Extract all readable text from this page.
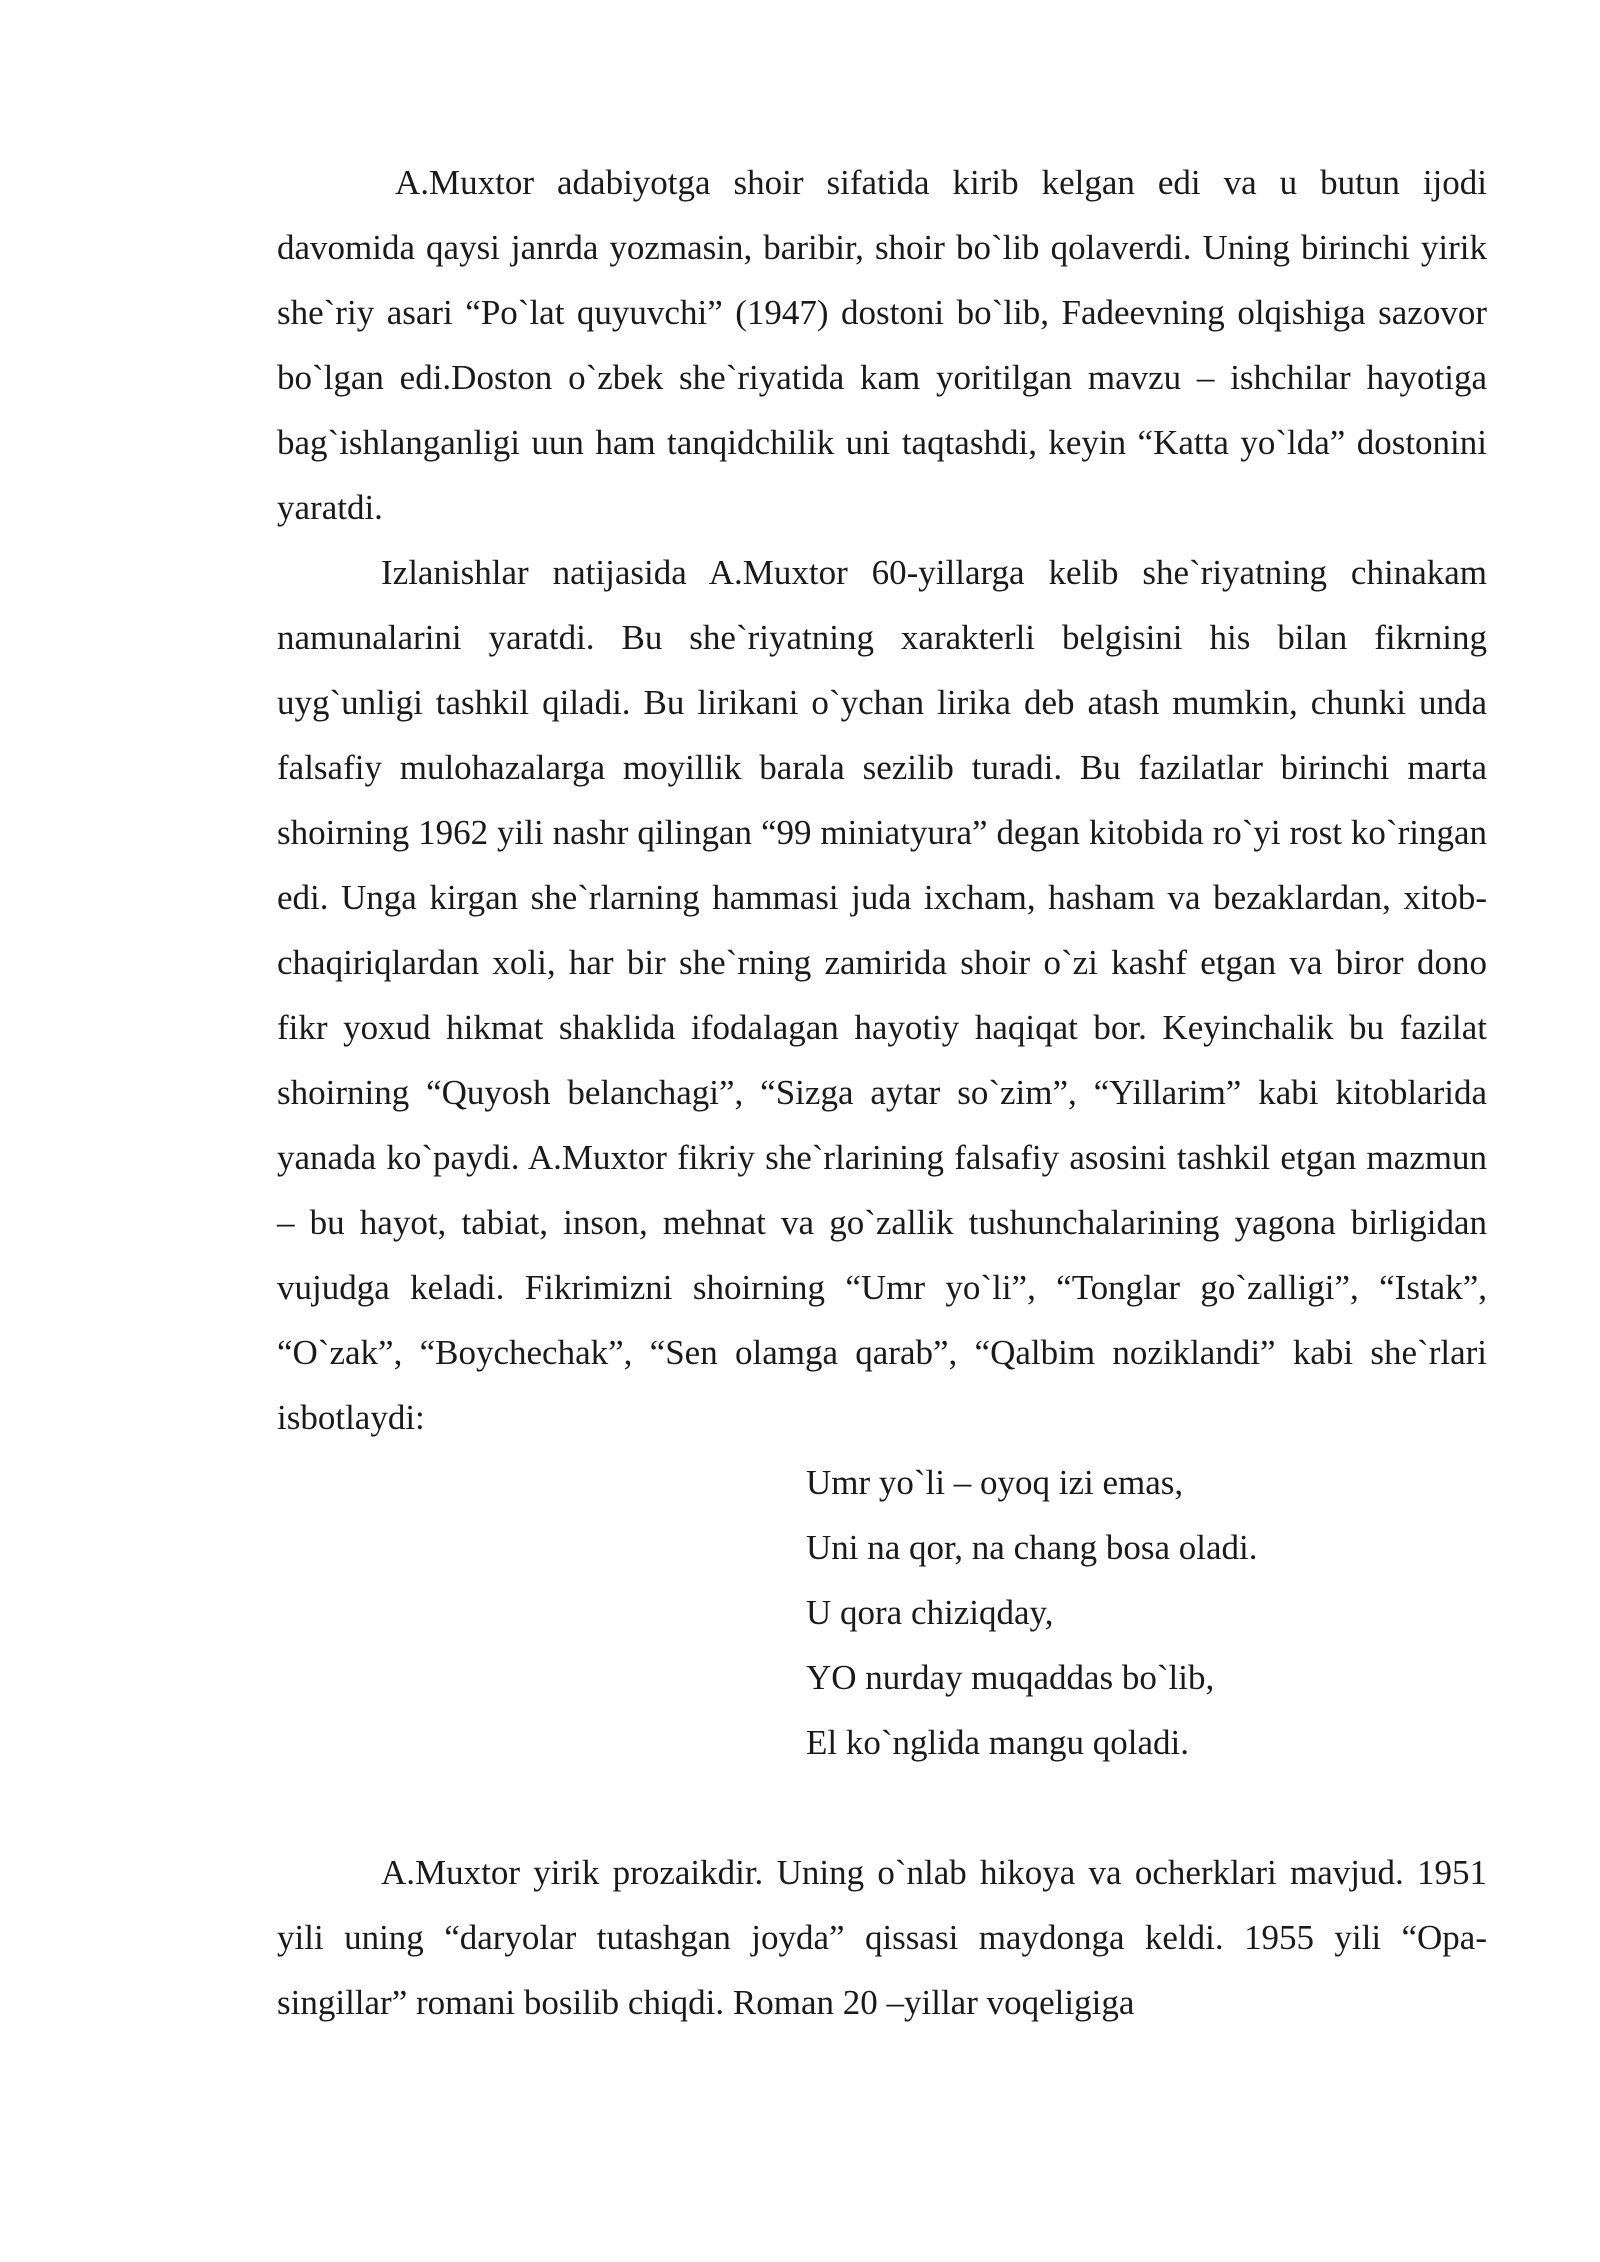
A.Muxtor adabiyotga shoir sifatida kirib kelgan edi va u butun ijodi davomida qaysi janrda yozmasin, baribir, shoir bo`lib qolaverdi. Uning birinchi yirik she`riy asari “Po`lat quyuvchi” (1947) dostoni bo`lib, Fadeevning olqishiga sazovor bo`lgan edi.Doston o`zbek she`riyatida kam yoritilgan mavzu – ishchilar hayotiga bag`ishlanganligi uun ham tanqidchilik uni taqtashdi, keyin “Katta yo`lda” dostonini yaratdi.

Izlanishlar natijasida A.Muxtor 60-yillarga kelib she`riyatning chinakam namunalarini yaratdi. Bu she`riyatning xarakterli belgisini his bilan fikrning uyg`unligi tashkil qiladi. Bu lirikani o`ychan lirika deb atash mumkin, chunki unda falsafiy mulohazalarga moyillik barala sezilib turadi. Bu fazilatlar birinchi marta shoirning 1962 yili nashr qilingan “99 miniatyura” degan kitobida ro`yi rost ko`ringan edi. Unga kirgan she`rlarning hammasi juda ixcham, hasham va bezaklardan, xitob-chaqiriqlardan xoli, har bir she`rning zamirida shoir o`zi kashf etgan va biror dono fikr yoxud hikmat shaklida ifodalagan hayotiy haqiqat bor. Keyinchalik bu fazilat shoirning “Quyosh belanchagi”, “Sizga aytar so`zim”, “Yillarim” kabi kitoblarida yanada ko`paydi. A.Muxtor fikriy she`rlarining falsafiy asosini tashkil etgan mazmun – bu hayot, tabiat, inson, mehnat va go`zallik tushunchalarining yagona birligidan vujudga keladi. Fikrimizni shoirning “Umr yo`li”, “Tonglar go`zalligi”, “Istak”, “O`zak”, “Boychechak”, “Sen olamga qarab”, “Qalbim noziklandi” kabi she`rlari isbotlaydi:

Umr yo`li – oyoq izi emas,
Uni na qor, na chang bosa oladi.
U qora chiziqday,
YO nurday muqaddas bo`lib,
El ko`nglida mangu qoladi.

A.Muxtor yirik prozaikdir. Uning o`nlab hikoya va ocherklari mavjud. 1951 yili uning “daryolar tutashgan joyda” qissasi maydonga keldi. 1955 yili “Opa-singillar” romani bosilib chiqdi. Roman 20 –yillar voqeligiga
